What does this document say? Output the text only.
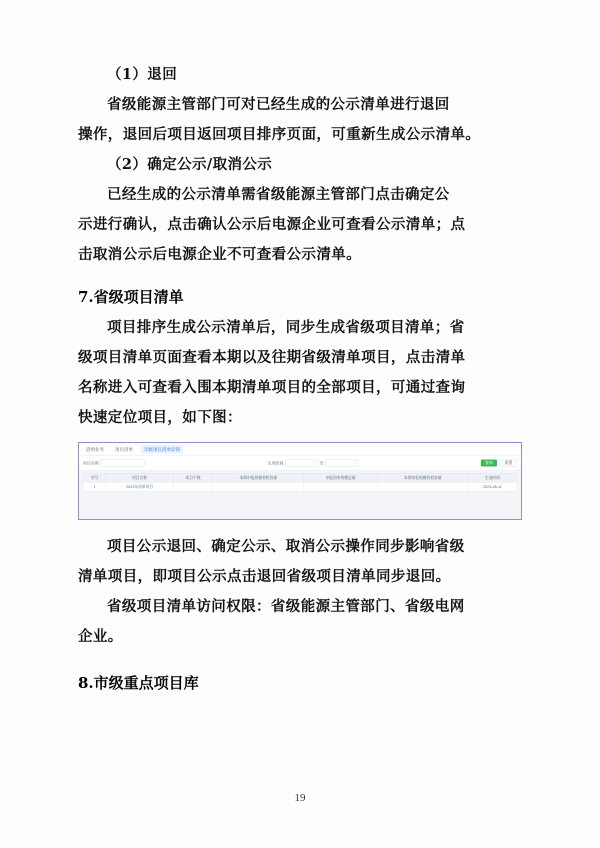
（1）退回
省级能源主管部门可对已经生成的公示清单进行退回
操作，退回后项目返回项目排序页面，可重新生成公示清单。
（2）确定公示/取消公示
已经生成的公示清单需省级能源主管部门点击确定公
示进行确认，点击确认公示后电源企业可查看公示清单；点
击取消公示后电源企业不可查看公示清单。
7.省级项目清单
项目排序生成公示清单后，同步生成省级项目清单；省
级项目清单页面查看本期以及往期省级清单项目，点击清单
名称进入可查看入围本期清单项目的全部项目，可通过查询
快速定位项目，如下图：
消纳业务	项目清单	市级项目清单详情
项目名称	生成时间	至	查询	重置
序号	项目名称	项目个数	本期申报规模装机容量	申报国家规模总量	本期申报规模装机容量	生成时间
1	2023年清单项目					2023-05-11
项目公示退回、确定公示、取消公示操作同步影响省级
清单项目，即项目公示点击退回省级项目清单同步退回。
省级项目清单访问权限：省级能源主管部门、省级电网
企业。
8.市级重点项目库
19
